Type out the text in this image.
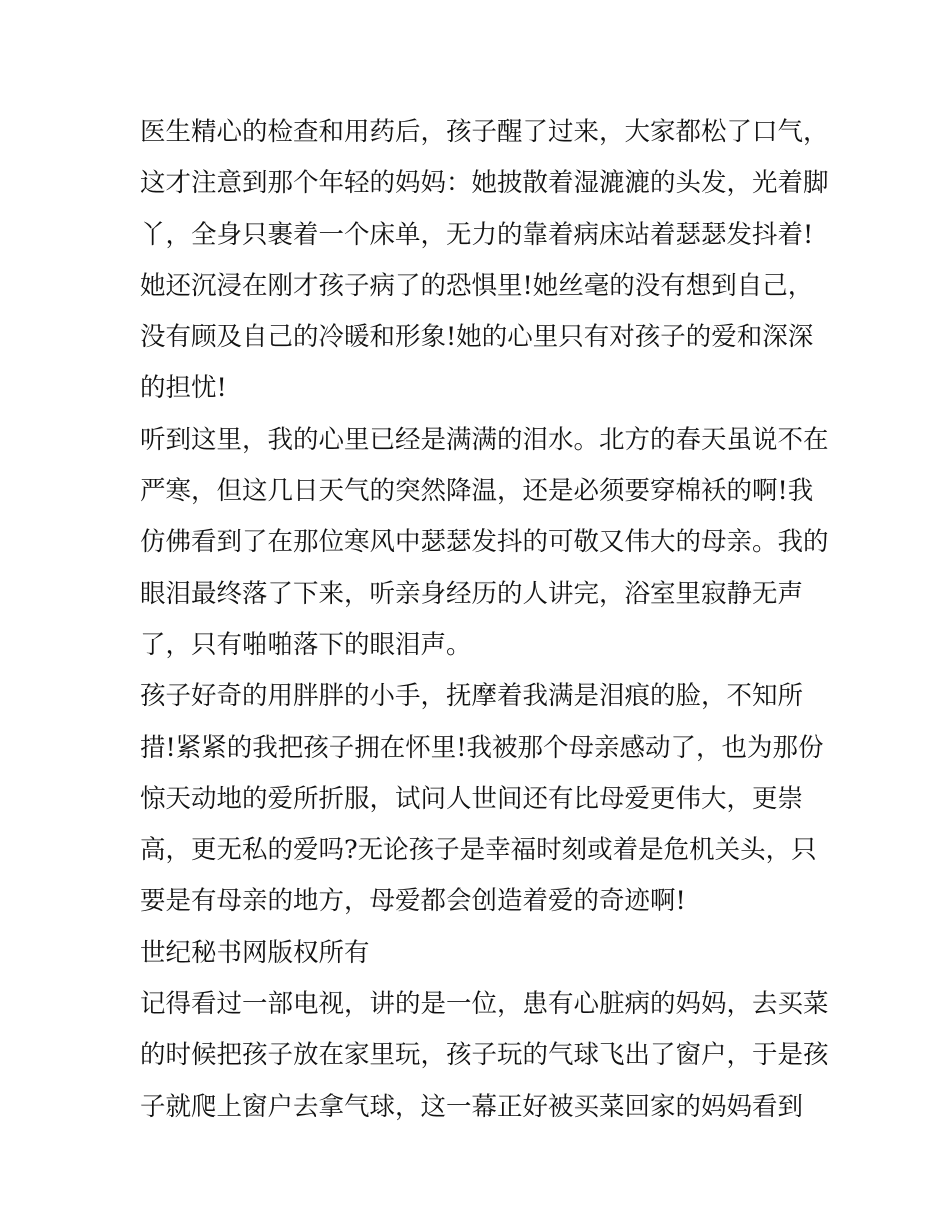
医生精心的检查和用药后，孩子醒了过来，大家都松了口气，
这才注意到那个年轻的妈妈：她披散着湿漉漉的头发，光着脚
丫，全身只裹着一个床单，无力的靠着病床站着瑟瑟发抖着!
她还沉浸在刚才孩子病了的恐惧里!她丝毫的没有想到自己，
没有顾及自己的冷暖和形象!她的心里只有对孩子的爱和深深
的担忧!
听到这里，我的心里已经是满满的泪水。北方的春天虽说不在
严寒，但这几日天气的突然降温，还是必须要穿棉袄的啊!我
仿佛看到了在那位寒风中瑟瑟发抖的可敬又伟大的母亲。我的
眼泪最终落了下来，听亲身经历的人讲完，浴室里寂静无声
了，只有啪啪落下的眼泪声。
孩子好奇的用胖胖的小手，抚摩着我满是泪痕的脸，不知所
措!紧紧的我把孩子拥在怀里!我被那个母亲感动了，也为那份
惊天动地的爱所折服，试问人世间还有比母爱更伟大，更崇
高，更无私的爱吗?无论孩子是幸福时刻或着是危机关头，只
要是有母亲的地方，母爱都会创造着爱的奇迹啊!
世纪秘书网版权所有
记得看过一部电视，讲的是一位，患有心脏病的妈妈，去买菜
的时候把孩子放在家里玩，孩子玩的气球飞出了窗户，于是孩
子就爬上窗户去拿气球，这一幕正好被买菜回家的妈妈看到
